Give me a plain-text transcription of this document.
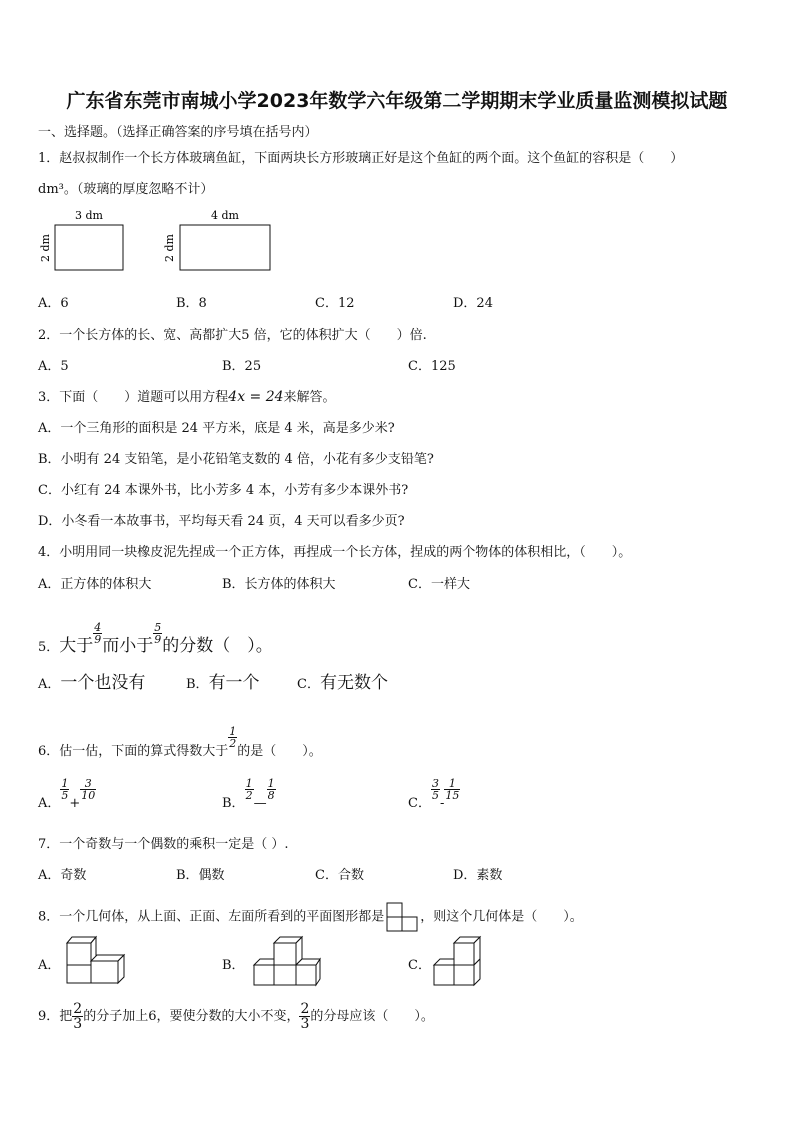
广东省东莞市南城小学2023年数学六年级第二学期期末学业质量监测模拟试题
一、选择题。（选择正确答案的序号填在括号内）
1．赵叔叔制作一个长方体玻璃鱼缸，下面两块长方形玻璃正好是这个鱼缸的两个面。这个鱼缸的容积是（　　）
dm³。（玻璃的厚度忽略不计）
3 dm
2 dm
4 dm
2 dm
A．6	B．8	C．12	D．24
2．一个长方体的长、宽、高都扩大5 倍，它的体积扩大（　　）倍.
A．5	B．25	C．125
3．下面（　　）道题可以用方程4x = 24来解答。
A．一个三角形的面积是 24 平方米，底是 4 米，高是多少米?
B．小明有 24 支铅笔，是小花铅笔支数的 4 倍，小花有多少支铅笔?
C．小红有 24 本课外书，比小芳多 4 本，小芳有多少本课外书?
D．小冬看一本故事书，平均每天看 24 页，4 天可以看多少页?
4．小明用同一块橡皮泥先捏成一个正方体，再捏成一个长方体，捏成的两个物体的体积相比，（　　）。
A．正方体的体积大	B．长方体的体积大	C．一样大
5．大于
$\frac{4}{9}$
而小于
$\frac{5}{9}$
的分数（　）。
A．一个也没有	B．有一个	C．有无数个
6．估一估，下面的算式得数大于
$\frac{1}{2}$
的是（　　）。
A．
$\frac{1}{5}$
+
$\frac{3}{10}$
B．
$\frac{1}{2}$
—
$\frac{1}{8}$
C．
$\frac{3}{5}$
-
$\frac{1}{15}$
7．一个奇数与一个偶数的乘积一定是（ ）.
A．奇数	B．偶数	C．合数	D．素数
8．一个几何体，从上面、正面、左面所看到的平面图形都是	，则这个几何体是（　　）。
A．	B．	C．
9．把 $\frac{2}{3}$ 的分子加上6，要使分数的大小不变， $\frac{2}{3}$ 的分母应该（　　）。
